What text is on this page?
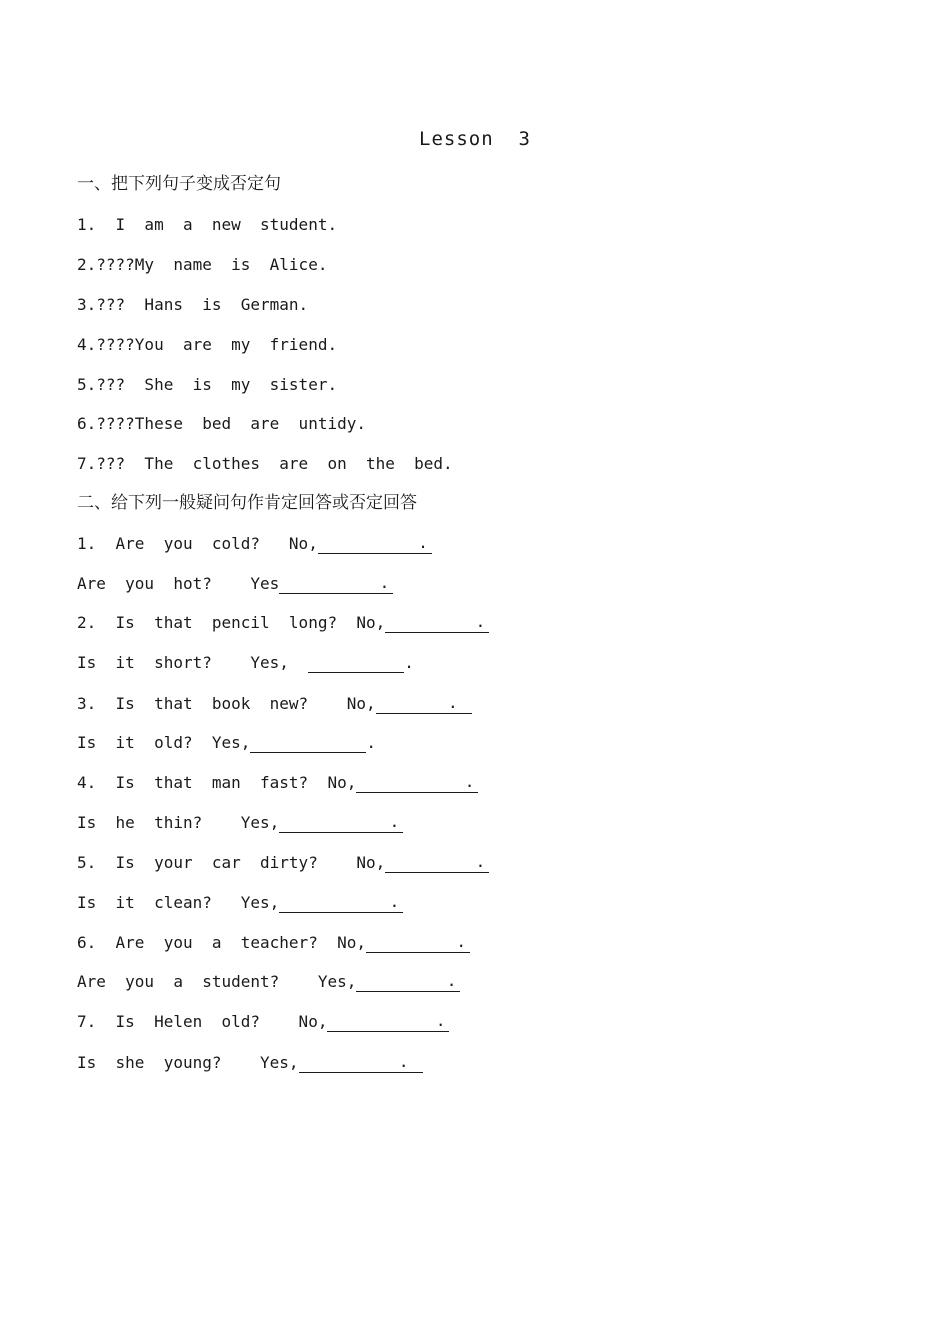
Lesson  3
一、把下列句子变成否定句
1.  I  am  a  new  student.
2.????My  name  is  Alice.
3.???  Hans  is  German.
4.????You  are  my  friend.
5.???  She  is  my  sister.
6.????These  bed  are  untidy.
7.???  The  clothes  are  on  the  bed.
二、给下列一般疑问句作肯定回答或否定回答
1.  Are  you  cold?   No,	.
Are  you  hot?    Yes	.
2.  Is  that  pencil  long?  No,	.
Is  it  short?    Yes,	.
3.  Is  that  book  new?    No,	.
Is  it  old?  Yes,	.
4.  Is  that  man  fast?  No,	.
Is  he  thin?    Yes,	.
5.  Is  your  car  dirty?    No,	.
Is  it  clean?   Yes,	.
6.  Are  you  a  teacher?  No,	.
Are  you  a  student?    Yes,	.
7.  Is  Helen  old?    No,	.
Is  she  young?    Yes,	.
